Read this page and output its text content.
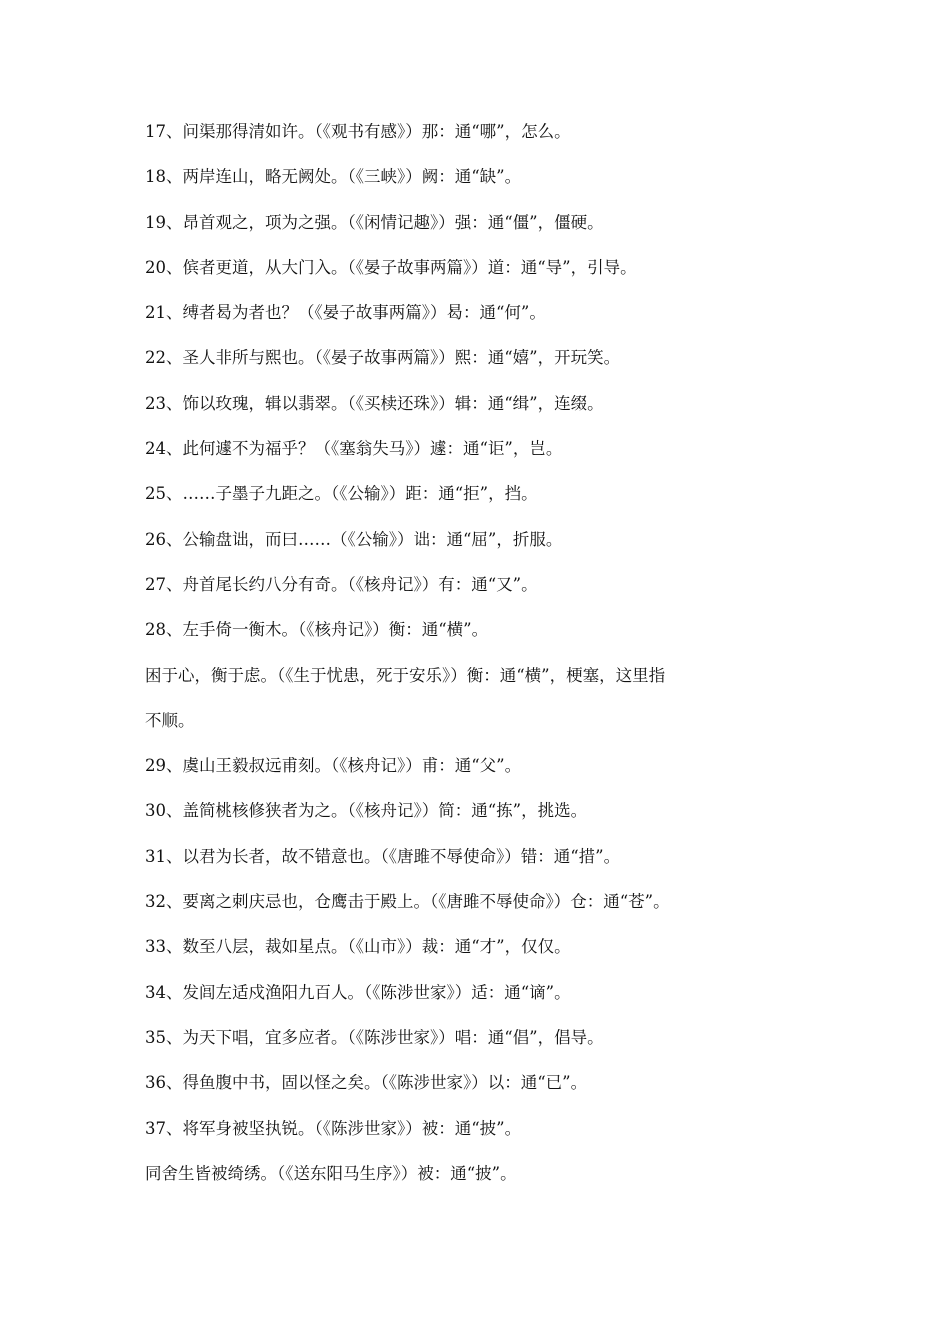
17、问渠那得清如许。（《观书有感》）那：通“哪”，怎么。
18、两岸连山，略无阙处。（《三峡》）阙：通“缺”。
19、昂首观之，项为之强。（《闲情记趣》）强：通“僵”，僵硬。
20、傧者更道，从大门入。（《晏子故事两篇》）道：通“导”，引导。
21、缚者曷为者也？（《晏子故事两篇》）曷：通“何”。
22、圣人非所与熙也。（《晏子故事两篇》）熙：通“嬉”，开玩笑。
23、饰以玫瑰，辑以翡翠。（《买椟还珠》）辑：通“缉”，连缀。
24、此何遽不为福乎？（《塞翁失马》）遽：通“讵”，岂。
25、……子墨子九距之。（《公输》）距：通“拒”，挡。
26、公输盘诎，而曰……（《公输》）诎：通“屈”，折服。
27、舟首尾长约八分有奇。（《核舟记》）有：通“又”。
28、左手倚一衡木。（《核舟记》）衡：通“横”。
困于心，衡于虑。（《生于忧患，死于安乐》）衡：通“横”，梗塞，这里指
不顺。
29、虞山王毅叔远甫刻。（《核舟记》）甫：通“父”。
30、盖简桃核修狭者为之。（《核舟记》）简：通“拣”，挑选。
31、以君为长者，故不错意也。（《唐雎不辱使命》）错：通“措”。
32、要离之刺庆忌也，仓鹰击于殿上。（《唐雎不辱使命》）仓：通“苍”。
33、数至八层，裁如星点。（《山市》）裁：通“才”，仅仅。
34、发闾左适戍渔阳九百人。（《陈涉世家》）适：通“谪”。
35、为天下唱，宜多应者。（《陈涉世家》）唱：通“倡”，倡导。
36、得鱼腹中书，固以怪之矣。（《陈涉世家》）以：通“已”。
37、将军身被坚执锐。（《陈涉世家》）被：通“披”。
同舍生皆被绮绣。（《送东阳马生序》）被：通“披”。
